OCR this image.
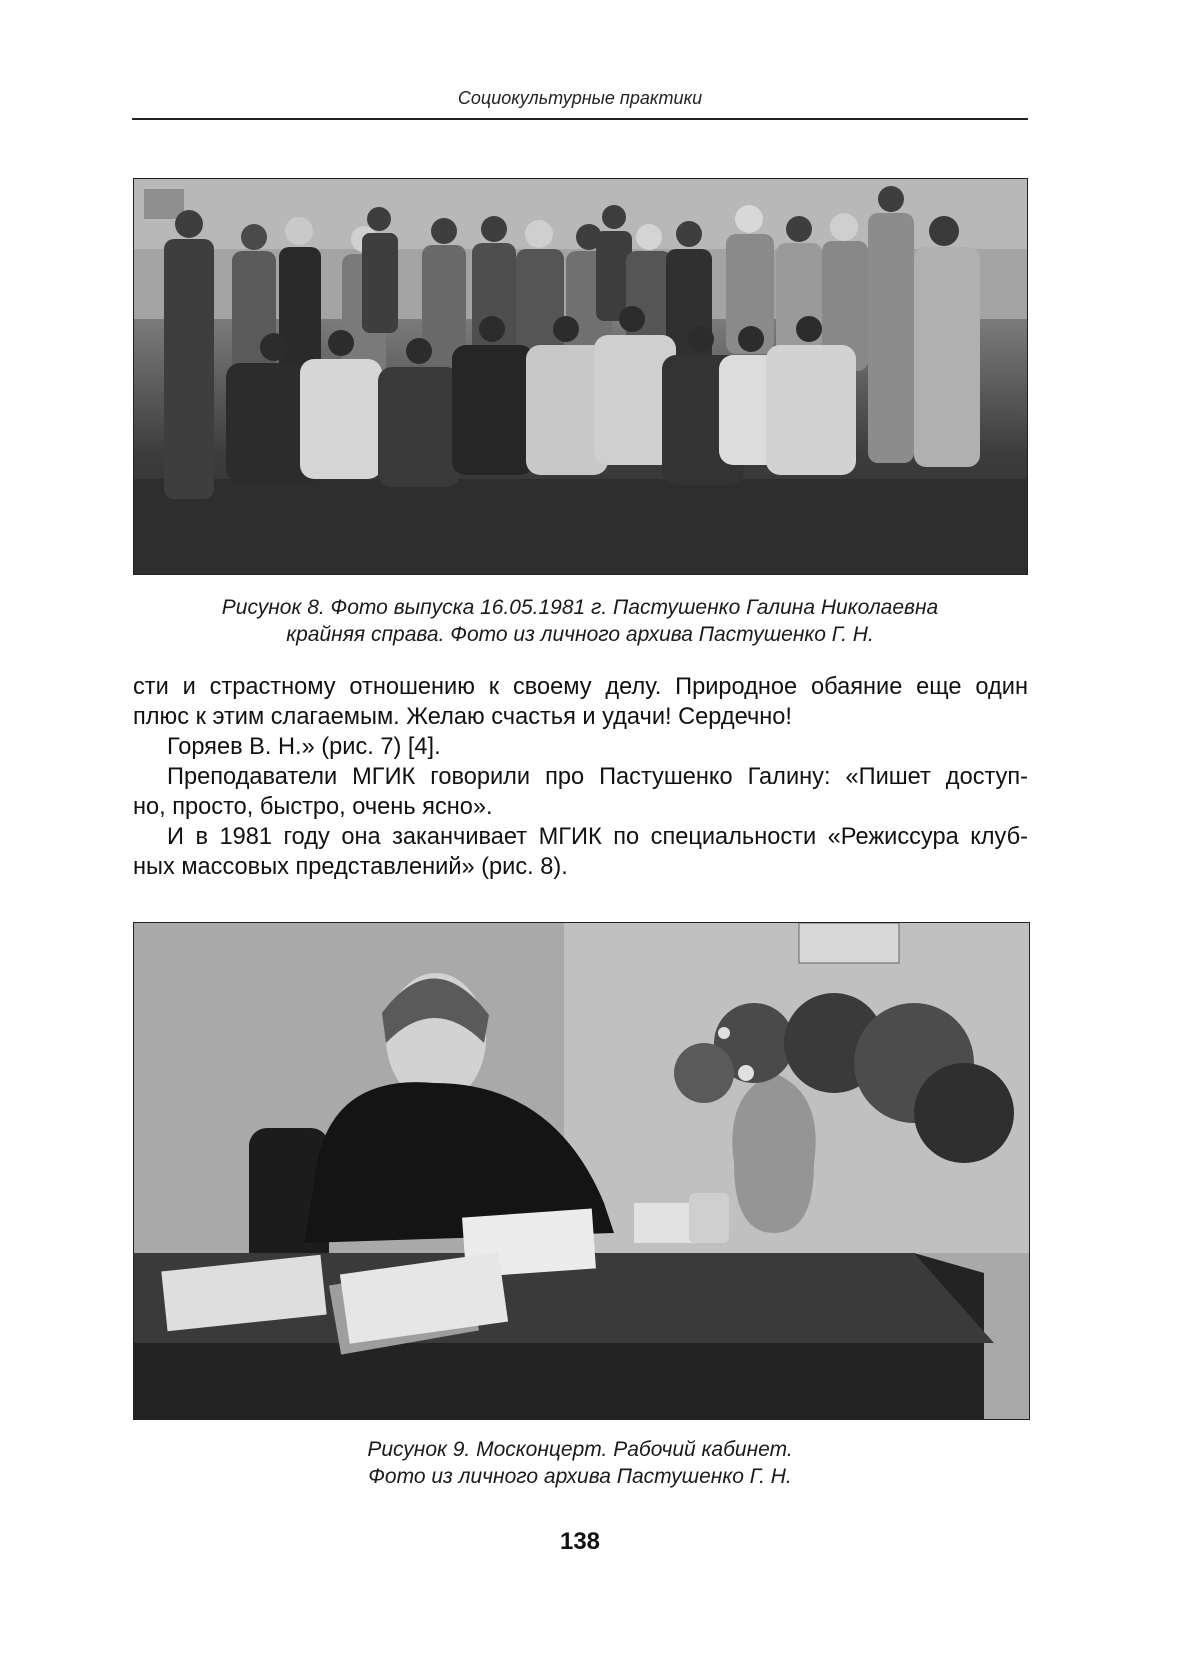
Социокультурные практики
Рисунок 8. Фото выпуска 16.05.1981 г. Пастушенко Галина Николаевна
крайняя справа. Фото из личного архива Пастушенко Г. Н.
сти и страстному отношению к своему делу. Природное обаяние еще один
плюс к этим слагаемым. Желаю счастья и удачи! Сердечно!
Горяев В. Н.» (рис. 7) [4].
Преподаватели МГИК говорили про Пастушенко Галину: «Пишет доступ-
но, просто, быстро, очень ясно».
И в 1981 году она заканчивает МГИК по специальности «Режиссура клуб-
ных массовых представлений» (рис. 8).
Рисунок 9. Москонцерт. Рабочий кабинет.
Фото из личного архива Пастушенко Г. Н.
138
